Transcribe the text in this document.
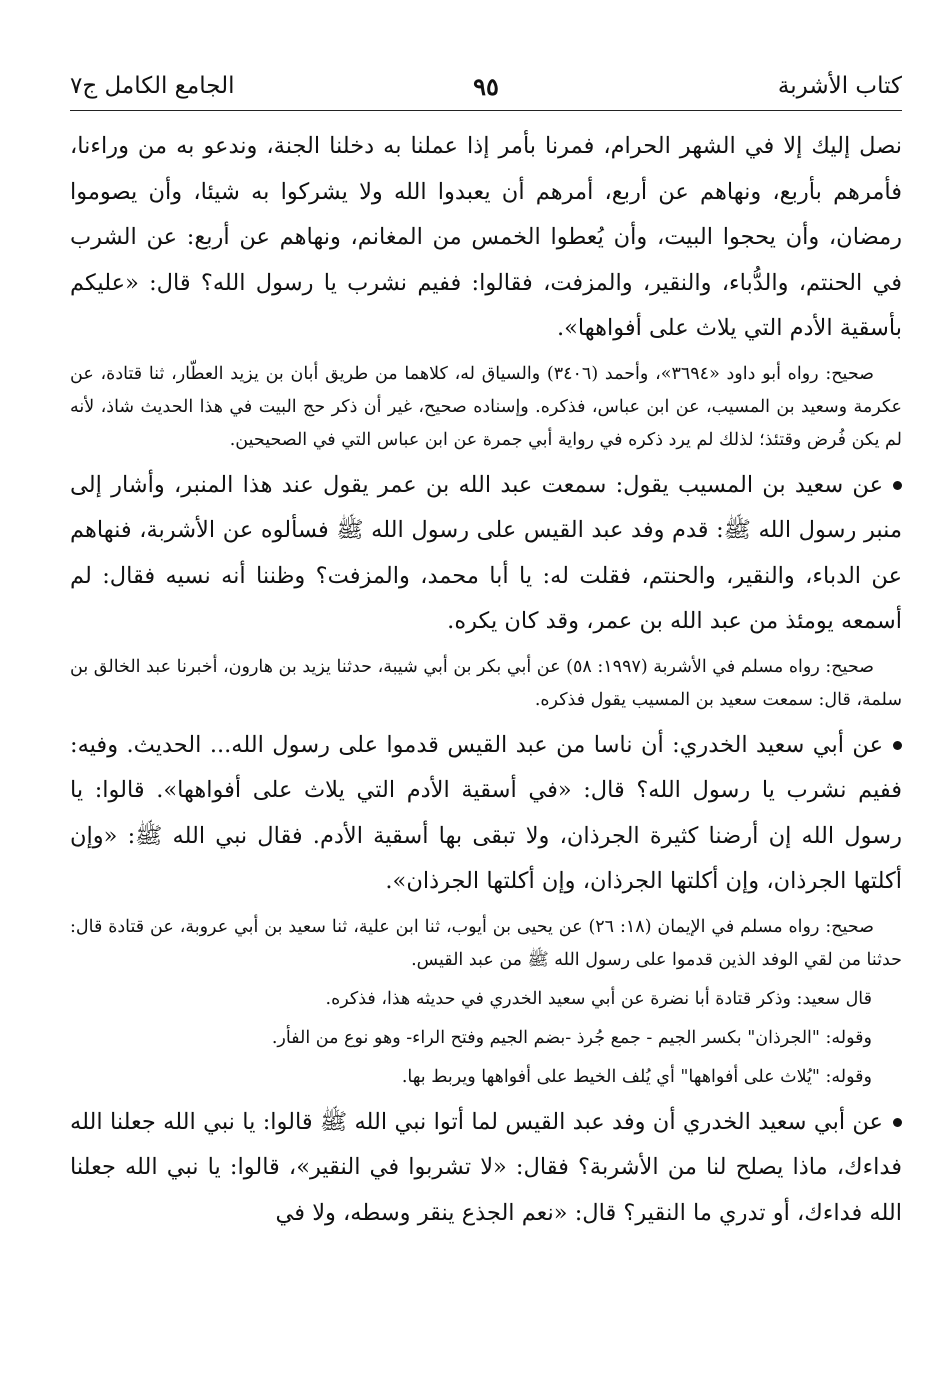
كتاب الأشربة
٩٥
الجامع الكامل ج٧

نصل إليك إلا في الشهر الحرام، فمرنا بأمر إذا عملنا به دخلنا الجنة، وندعو به من وراءنا، فأمرهم بأربع، ونهاهم عن أربع، أمرهم أن يعبدوا الله ولا يشركوا به شيئا، وأن يصوموا رمضان، وأن يحجوا البيت، وأن يُعطوا الخمس من المغانم، ونهاهم عن أربع: عن الشرب في الحنتم، والدُّباء، والنقير، والمزفت، فقالوا: ففيم نشرب يا رسول الله؟ قال: «عليكم بأسقية الأدم التي يلاث على أفواهها».

صحيح: رواه أبو داود «٣٦٩٤»، وأحمد (٣٤٠٦) والسياق له، كلاهما من طريق أبان بن يزيد العطّار، ثنا قتادة، عن عكرمة وسعيد بن المسيب، عن ابن عباس، فذكره. وإسناده صحيح، غير أن ذكر حج البيت في هذا الحديث شاذ، لأنه لم يكن فُرض وقتئذ؛ لذلك لم يرد ذكره في رواية أبي جمرة عن ابن عباس التي في الصحيحين.

عن سعيد بن المسيب يقول: سمعت عبد الله بن عمر يقول عند هذا المنبر، وأشار إلى منبر رسول الله ﷺ: قدم وفد عبد القيس على رسول الله ﷺ فسألوه عن الأشربة، فنهاهم عن الدباء، والنقير، والحنتم، فقلت له: يا أبا محمد، والمزفت؟ وظننا أنه نسيه فقال: لم أسمعه يومئذ من عبد الله بن عمر، وقد كان يكره.

صحيح: رواه مسلم في الأشربة (١٩٩٧: ٥٨) عن أبي بكر بن أبي شيبة، حدثنا يزيد بن هارون، أخبرنا عبد الخالق بن سلمة، قال: سمعت سعيد بن المسيب يقول فذكره.

عن أبي سعيد الخدري: أن ناسا من عبد القيس قدموا على رسول الله... الحديث. وفيه: ففيم نشرب يا رسول الله؟ قال: «في أسقية الأدم التي يلاث على أفواهها». قالوا: يا رسول الله إن أرضنا كثيرة الجرذان، ولا تبقى بها أسقية الأدم. فقال نبي الله ﷺ: «وإن أكلتها الجرذان، وإن أكلتها الجرذان، وإن أكلتها الجرذان».

صحيح: رواه مسلم في الإيمان (١٨: ٢٦) عن يحيى بن أيوب، ثنا ابن علية، ثنا سعيد بن أبي عروبة، عن قتادة قال: حدثنا من لقي الوفد الذين قدموا على رسول الله ﷺ من عبد القيس.

قال سعيد: وذكر قتادة أبا نضرة عن أبي سعيد الخدري في حديثه هذا، فذكره.

وقوله: "الجرذان" بكسر الجيم - جمع جُرذ -بضم الجيم وفتح الراء- وهو نوع من الفأر.

وقوله: "يُلاث على أفواهها" أي يُلف الخيط على أفواهها ويربط بها.

عن أبي سعيد الخدري أن وفد عبد القيس لما أتوا نبي الله ﷺ قالوا: يا نبي الله جعلنا الله فداءك، ماذا يصلح لنا من الأشربة؟ فقال: «لا تشربوا في النقير»، قالوا: يا نبي الله جعلنا الله فداءك، أو تدري ما النقير؟ قال: «نعم الجذع ينقر وسطه، ولا في
